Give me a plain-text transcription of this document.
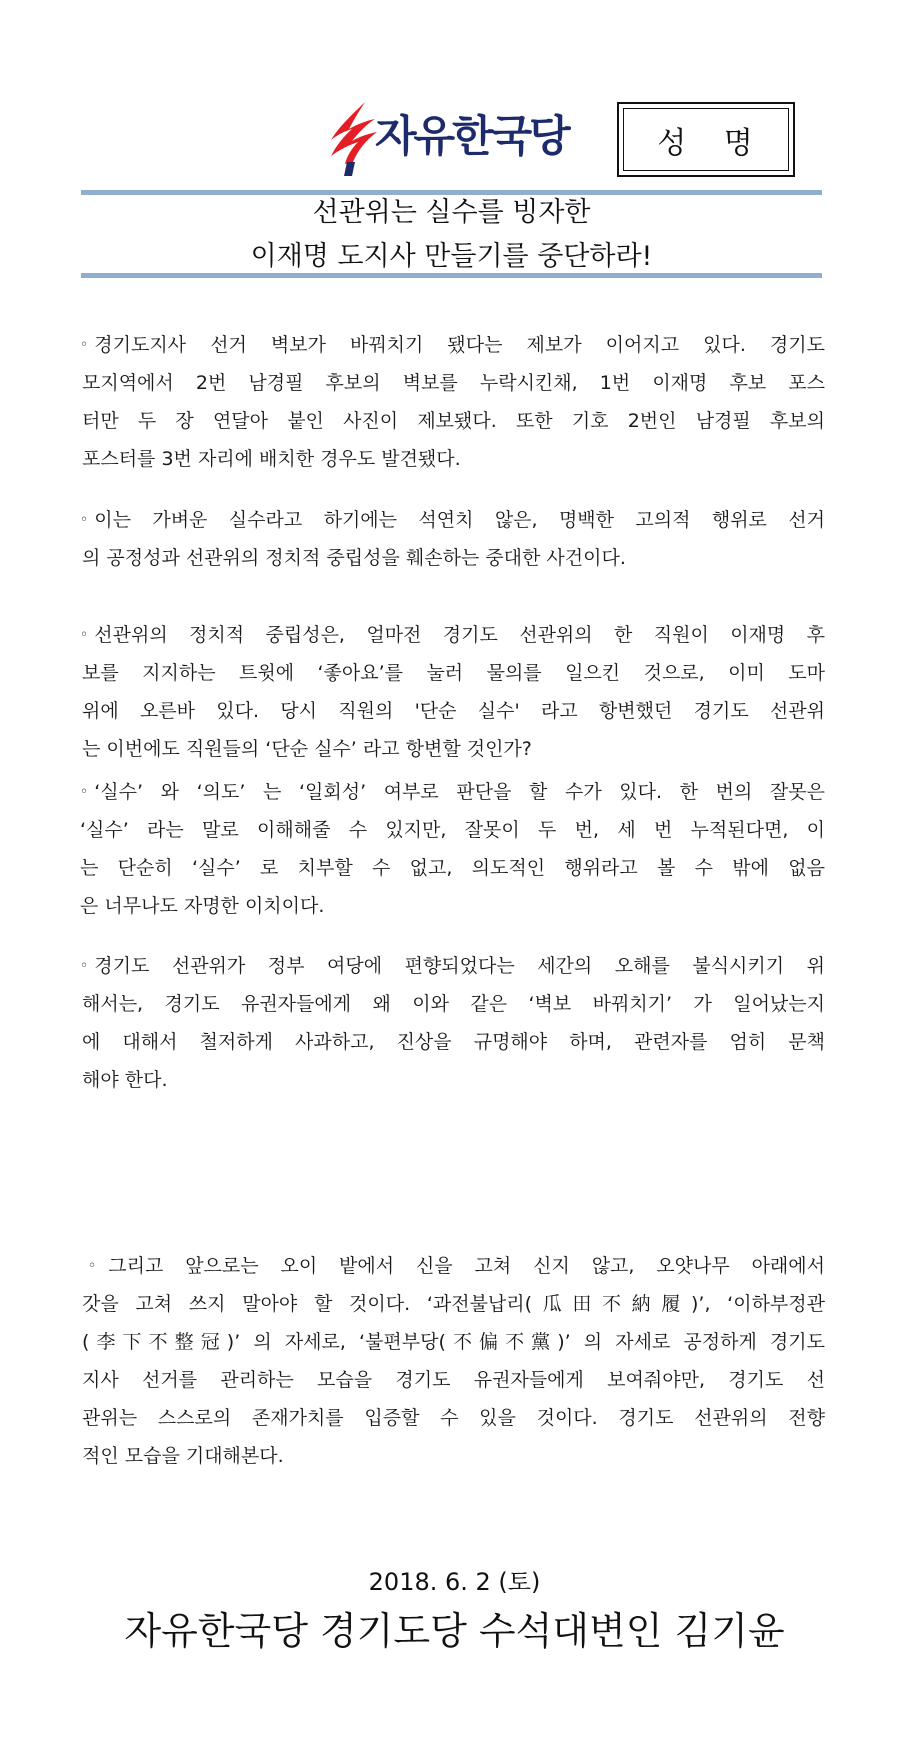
자유한국당	성 명
선관위는 실수를 빙자한
이재명 도지사 만들기를 중단하라!
◦ 경기도지사 선거 벽보가 바꿔치기 됐다는 제보가 이어지고 있다. 경기도
모지역에서 2번 남경필 후보의 벽보를 누락시킨채, 1번 이재명 후보 포스
터만 두 장 연달아 붙인 사진이 제보됐다. 또한 기호 2번인 남경필 후보의
포스터를 3번 자리에 배치한 경우도 발견됐다.
◦ 이는 가벼운 실수라고 하기에는 석연치 않은, 명백한 고의적 행위로 선거
의 공정성과 선관위의 정치적 중립성을 훼손하는 중대한 사건이다.
◦ 선관위의 정치적 중립성은, 얼마전 경기도 선관위의 한 직원이 이재명 후
보를 지지하는 트윗에 ‘좋아요’를 눌러 물의를 일으킨 것으로, 이미 도마
위에 오른바 있다. 당시 직원의 '단순 실수' 라고 항변했던 경기도 선관위
는 이번에도 직원들의 ‘단순 실수’ 라고 항변할 것인가?
◦ ‘실수’ 와 ‘의도’ 는 ‘일회성’ 여부로 판단을 할 수가 있다. 한 번의 잘못은
‘실수’ 라는 말로 이해해줄 수 있지만, 잘못이 두 번, 세 번 누적된다면, 이
는 단순히 ‘실수’ 로 치부할 수 없고, 의도적인 행위라고 볼 수 밖에 없음
은 너무나도 자명한 이치이다.
◦ 경기도 선관위가 정부 여당에 편향되었다는 세간의 오해를 불식시키기 위
해서는, 경기도 유권자들에게 왜 이와 같은 ‘벽보 바꿔치기’ 가 일어났는지
에 대해서 철저하게 사과하고, 진상을 규명해야 하며, 관련자를 엄히 문책
해야 한다.
◦ 그리고 앞으로는 오이 밭에서 신을 고쳐 신지 않고, 오얏나무 아래에서
갓을 고쳐 쓰지 말아야 할 것이다. ‘과전불납리(瓜田不納履)’, ‘이하부정관
(李下不整冠)’ 의 자세로, ‘불편부당(不偏不黨)’ 의 자세로 공정하게 경기도
지사 선거를 관리하는 모습을 경기도 유권자들에게 보여줘야만, 경기도 선
관위는 스스로의 존재가치를 입증할 수 있을 것이다. 경기도 선관위의 전향
적인 모습을 기대해본다.
2018. 6. 2 (토)
자유한국당 경기도당 수석대변인 김기윤
